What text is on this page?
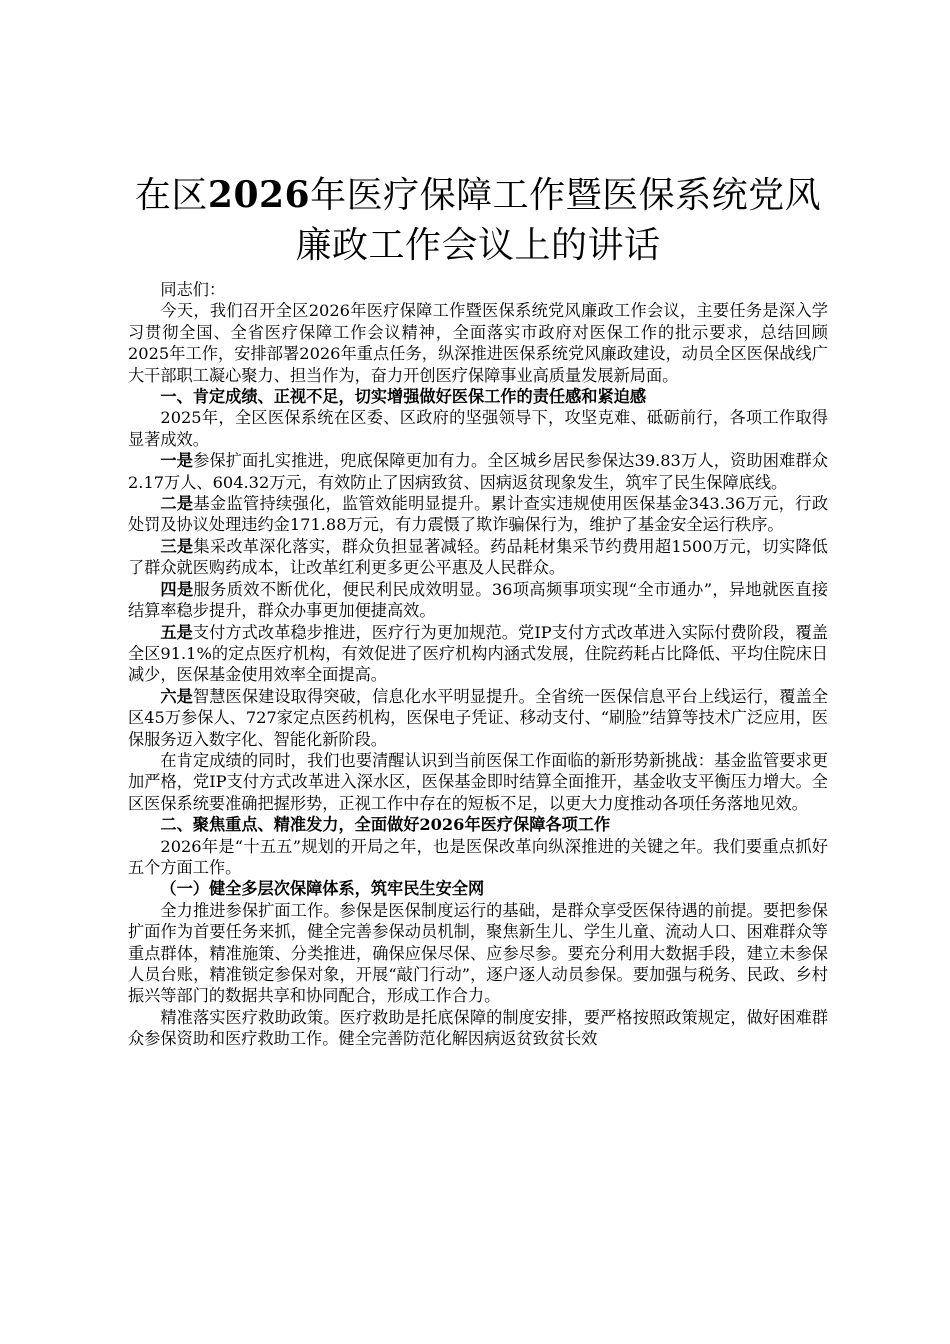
在区2026年医疗保障工作暨医保系统党风廉政工作会议上的讲话

同志们：

今天，我们召开全区2026年医疗保障工作暨医保系统党风廉政工作会议，主要任务是深入学习贯彻全国、全省医疗保障工作会议精神，全面落实市政府对医保工作的批示要求，总结回顾2025年工作，安排部署2026年重点任务，纵深推进医保系统党风廉政建设，动员全区医保战线广大干部职工凝心聚力、担当作为，奋力开创医疗保障事业高质量发展新局面。

一、肯定成绩、正视不足，切实增强做好医保工作的责任感和紧迫感

2025年，全区医保系统在区委、区政府的坚强领导下，攻坚克难、砥砺前行，各项工作取得显著成效。

一是参保扩面扎实推进，兜底保障更加有力。全区城乡居民参保达39.83万人，资助困难群众2.17万人、604.32万元，有效防止了因病致贫、因病返贫现象发生，筑牢了民生保障底线。

二是基金监管持续强化，监管效能明显提升。累计查实违规使用医保基金343.36万元，行政处罚及协议处理违约金171.88万元，有力震慑了欺诈骗保行为，维护了基金安全运行秩序。

三是集采改革深化落实，群众负担显著减轻。药品耗材集采节约费用超1500万元，切实降低了群众就医购药成本，让改革红利更多更公平惠及人民群众。

四是服务质效不断优化，便民利民成效明显。36项高频事项实现“全市通办”，异地就医直接结算率稳步提升，群众办事更加便捷高效。

五是支付方式改革稳步推进，医疗行为更加规范。党IP支付方式改革进入实际付费阶段，覆盖全区91.1%的定点医疗机构，有效促进了医疗机构内涵式发展，住院药耗占比降低、平均住院床日减少，医保基金使用效率全面提高。

六是智慧医保建设取得突破，信息化水平明显提升。全省统一医保信息平台上线运行，覆盖全区45万参保人、727家定点医药机构，医保电子凭证、移动支付、“刷脸”结算等技术广泛应用，医保服务迈入数字化、智能化新阶段。

在肯定成绩的同时，我们也要清醒认识到当前医保工作面临的新形势新挑战：基金监管要求更加严格，党IP支付方式改革进入深水区，医保基金即时结算全面推开，基金收支平衡压力增大。全区医保系统要准确把握形势，正视工作中存在的短板不足，以更大力度推动各项任务落地见效。

二、聚焦重点、精准发力，全面做好2026年医疗保障各项工作

2026年是“十五五”规划的开局之年，也是医保改革向纵深推进的关键之年。我们要重点抓好五个方面工作。

（一）健全多层次保障体系，筑牢民生安全网

全力推进参保扩面工作。参保是医保制度运行的基础，是群众享受医保待遇的前提。要把参保扩面作为首要任务来抓，健全完善参保动员机制，聚焦新生儿、学生儿童、流动人口、困难群众等重点群体，精准施策、分类推进，确保应保尽保、应参尽参。要充分利用大数据手段，建立未参保人员台账，精准锁定参保对象，开展“敲门行动”，逐户逐人动员参保。要加强与税务、民政、乡村振兴等部门的数据共享和协同配合，形成工作合力。

精准落实医疗救助政策。医疗救助是托底保障的制度安排，要严格按照政策规定，做好困难群众参保资助和医疗救助工作。健全完善防范化解因病返贫致贫长效
